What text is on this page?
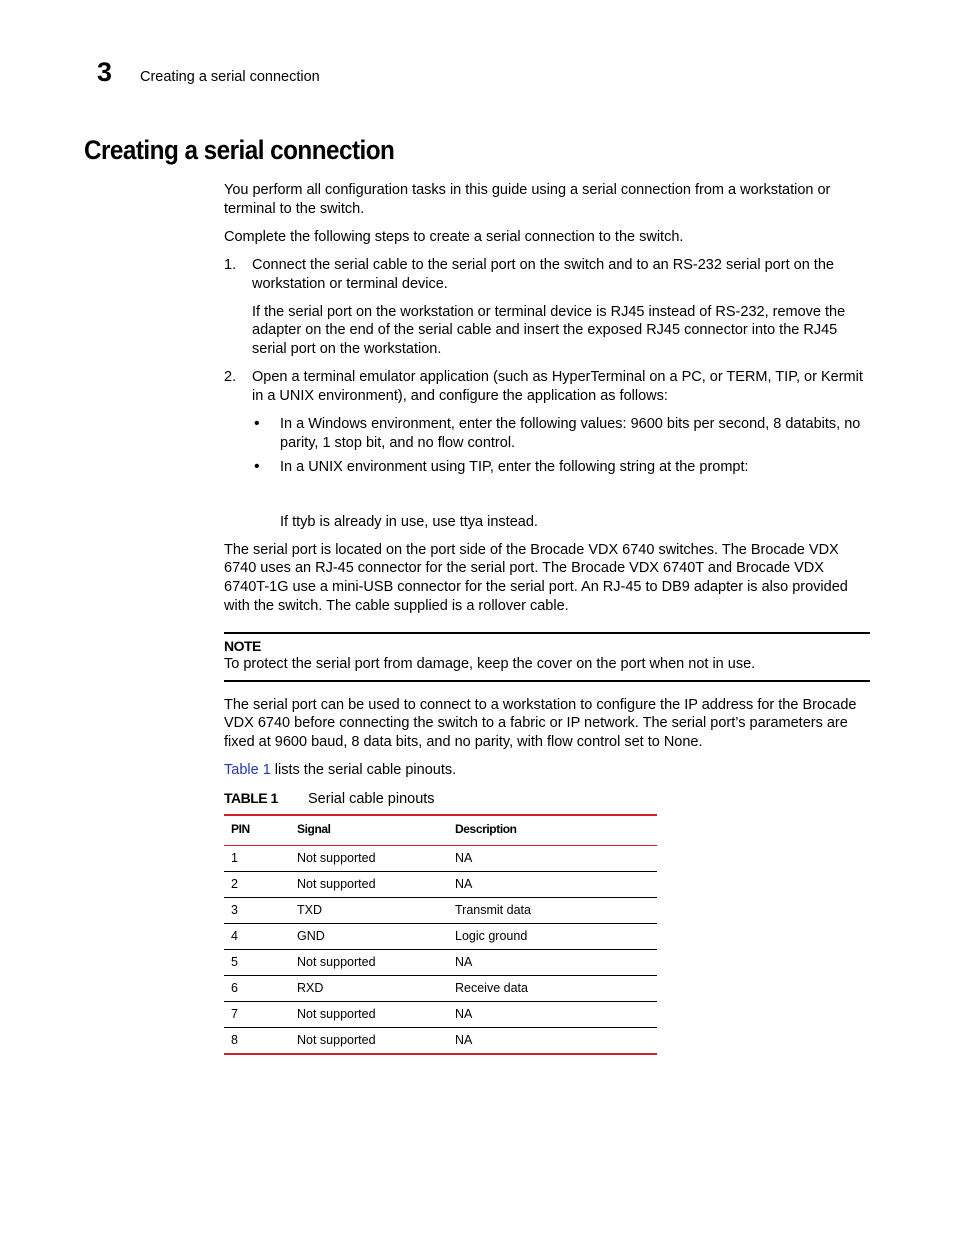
3	Creating a serial connection
Creating a serial connection

You perform all configuration tasks in this guide using a serial connection from a workstation or terminal to the switch.

Complete the following steps to create a serial connection to the switch.

1. Connect the serial cable to the serial port on the switch and to an RS-232 serial port on the workstation or terminal device.

If the serial port on the workstation or terminal device is RJ45 instead of RS-232, remove the adapter on the end of the serial cable and insert the exposed RJ45 connector into the RJ45 serial port on the workstation.

2. Open a terminal emulator application (such as HyperTerminal on a PC, or TERM, TIP, or Kermit in a UNIX environment), and configure the application as follows:

• In a Windows environment, enter the following values: 9600 bits per second, 8 databits, no parity, 1 stop bit, and no flow control.
• In a UNIX environment using TIP, enter the following string at the prompt:

If ttyb is already in use, use ttya instead.

The serial port is located on the port side of the Brocade VDX 6740 switches. The Brocade VDX 6740 uses an RJ-45 connector for the serial port. The Brocade VDX 6740T and Brocade VDX 6740T-1G use a mini-USB connector for the serial port. An RJ-45 to DB9 adapter is also provided with the switch. The cable supplied is a rollover cable.

NOTE
To protect the serial port from damage, keep the cover on the port when not in use.

The serial port can be used to connect to a workstation to configure the IP address for the Brocade VDX 6740 before connecting the switch to a fabric or IP network. The serial port’s parameters are fixed at 9600 baud, 8 data bits, and no parity, with flow control set to None.

Table 1 lists the serial cable pinouts.

TABLE 1	Serial cable pinouts
PIN	Signal	Description
1	Not supported	NA
2	Not supported	NA
3	TXD	Transmit data
4	GND	Logic ground
5	Not supported	NA
6	RXD	Receive data
7	Not supported	NA
8	Not supported	NA
